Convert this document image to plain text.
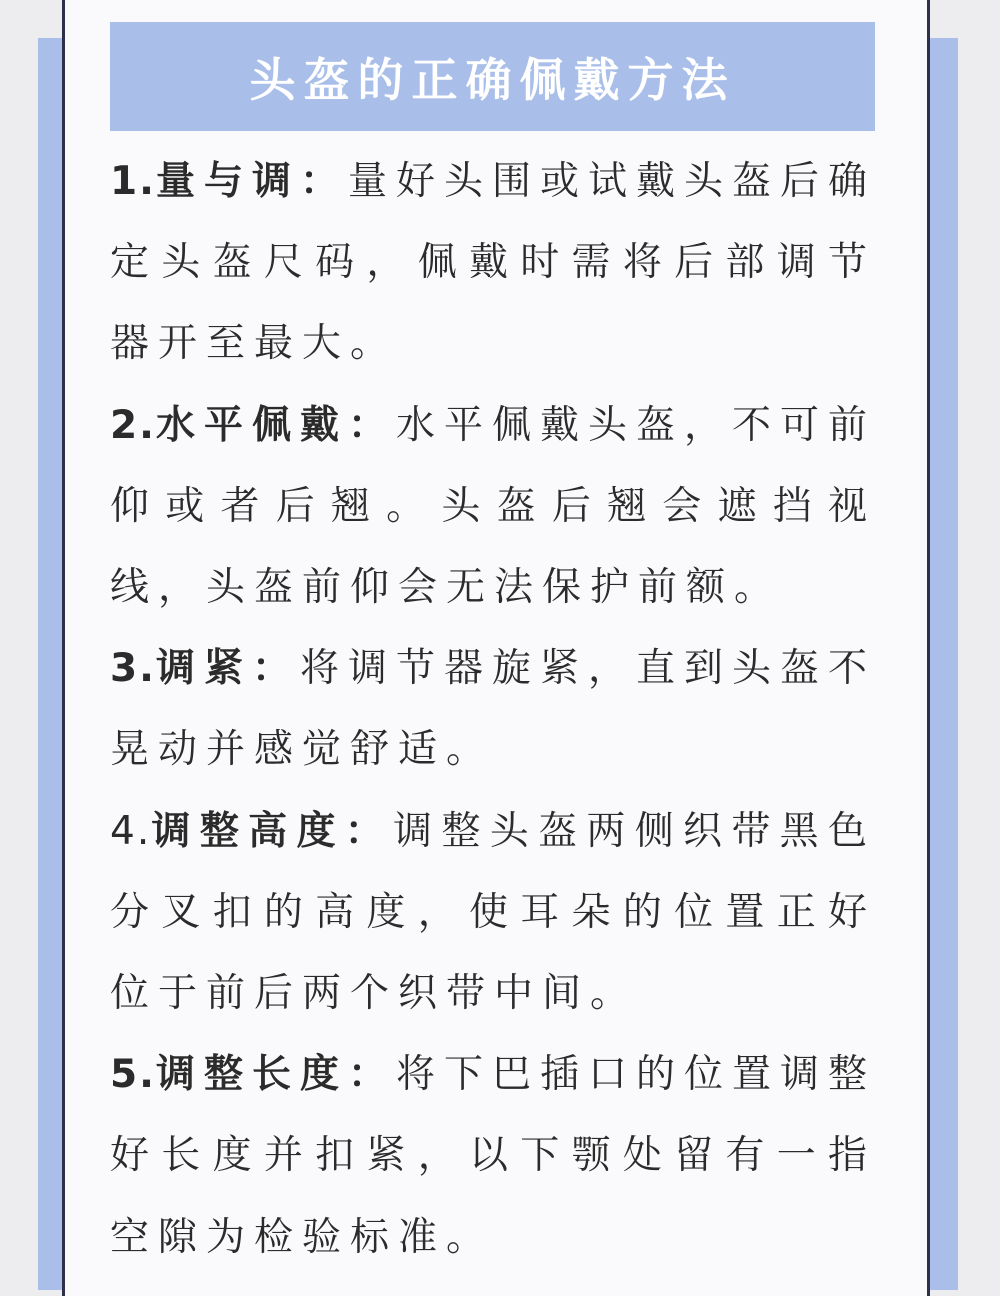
头盔的正确佩戴方法

1.量与调：量好头围或试戴头盔后确定头盔尺码，佩戴时需将后部调节器开至最大。

2.水平佩戴：水平佩戴头盔，不可前仰或者后翘。头盔后翘会遮挡视线，头盔前仰会无法保护前额。

3.调紧：将调节器旋紧，直到头盔不晃动并感觉舒适。

4.调整高度：调整头盔两侧织带黑色分叉扣的高度，使耳朵的位置正好位于前后两个织带中间。

5.调整长度：将下巴插口的位置调整好长度并扣紧，以下颚处留有一指空隙为检验标准。
